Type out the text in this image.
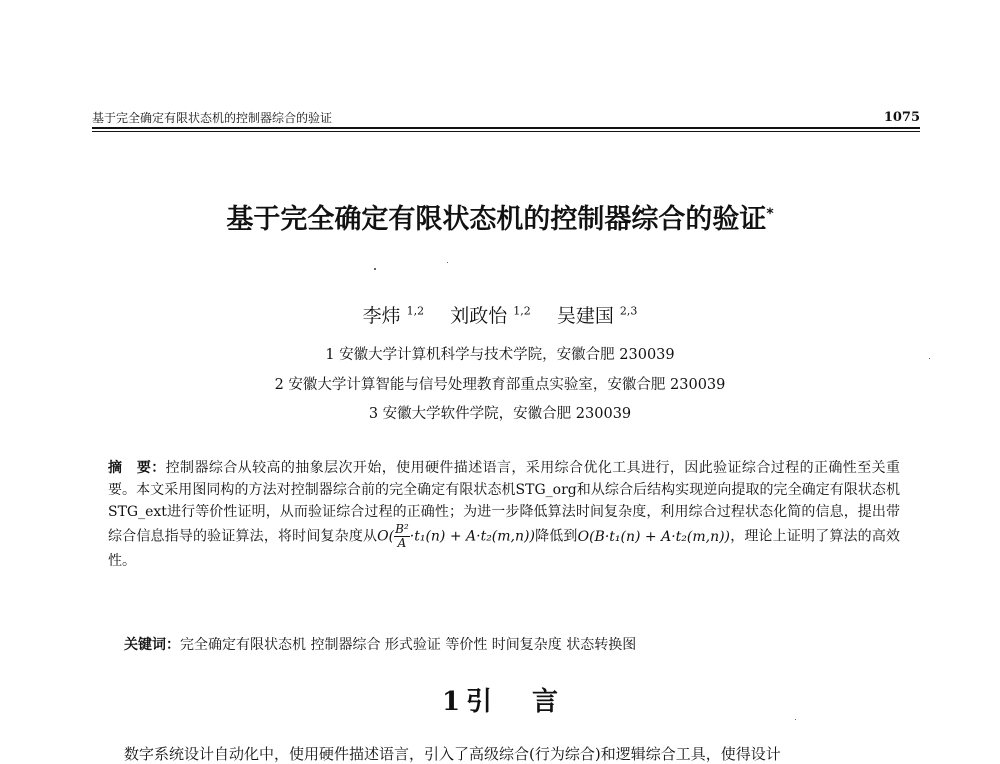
基于完全确定有限状态机的控制器综合的验证	1075
基于完全确定有限状态机的控制器综合的验证*
李炜 $^{1,2}$ 刘政怡 $^{1,2}$ 吴建国 $^{2,3}$
1 安徽大学计算机科学与技术学院，安徽合肥 230039
2 安徽大学计算智能与信号处理教育部重点实验室，安徽合肥 230039
3 安徽大学软件学院，安徽合肥 230039
摘　要：控制器综合从较高的抽象层次开始，使用硬件描述语言，采用综合优化工具进行，因此验证综合过程的正确性至关重要。本文采用图同构的方法对控制器综合前的完全确定有限状态机STG_org和从综合后结构实现逆向提取的完全确定有限状态机STG_ext进行等价性证明，从而验证综合过程的正确性；为进一步降低算法时间复杂度，利用综合过程状态化简的信息，提出带综合信息指导的验证算法，将时间复杂度从$O( \frac{\text{B²}}{A} \cdot t_1(n) + A\cdot t_2(m,n))$降低到O(B·t₁(n) + A·t₂(m,n))，理论上证明了算法的高效性。
关键词：完全确定有限状态机 控制器综合 形式验证 等价性 时间复杂度 状态转换图
1 引 言
数字系统设计自动化中，使用硬件描述语言，引入了高级综合(行为综合)和逻辑综合工具，使得设计
